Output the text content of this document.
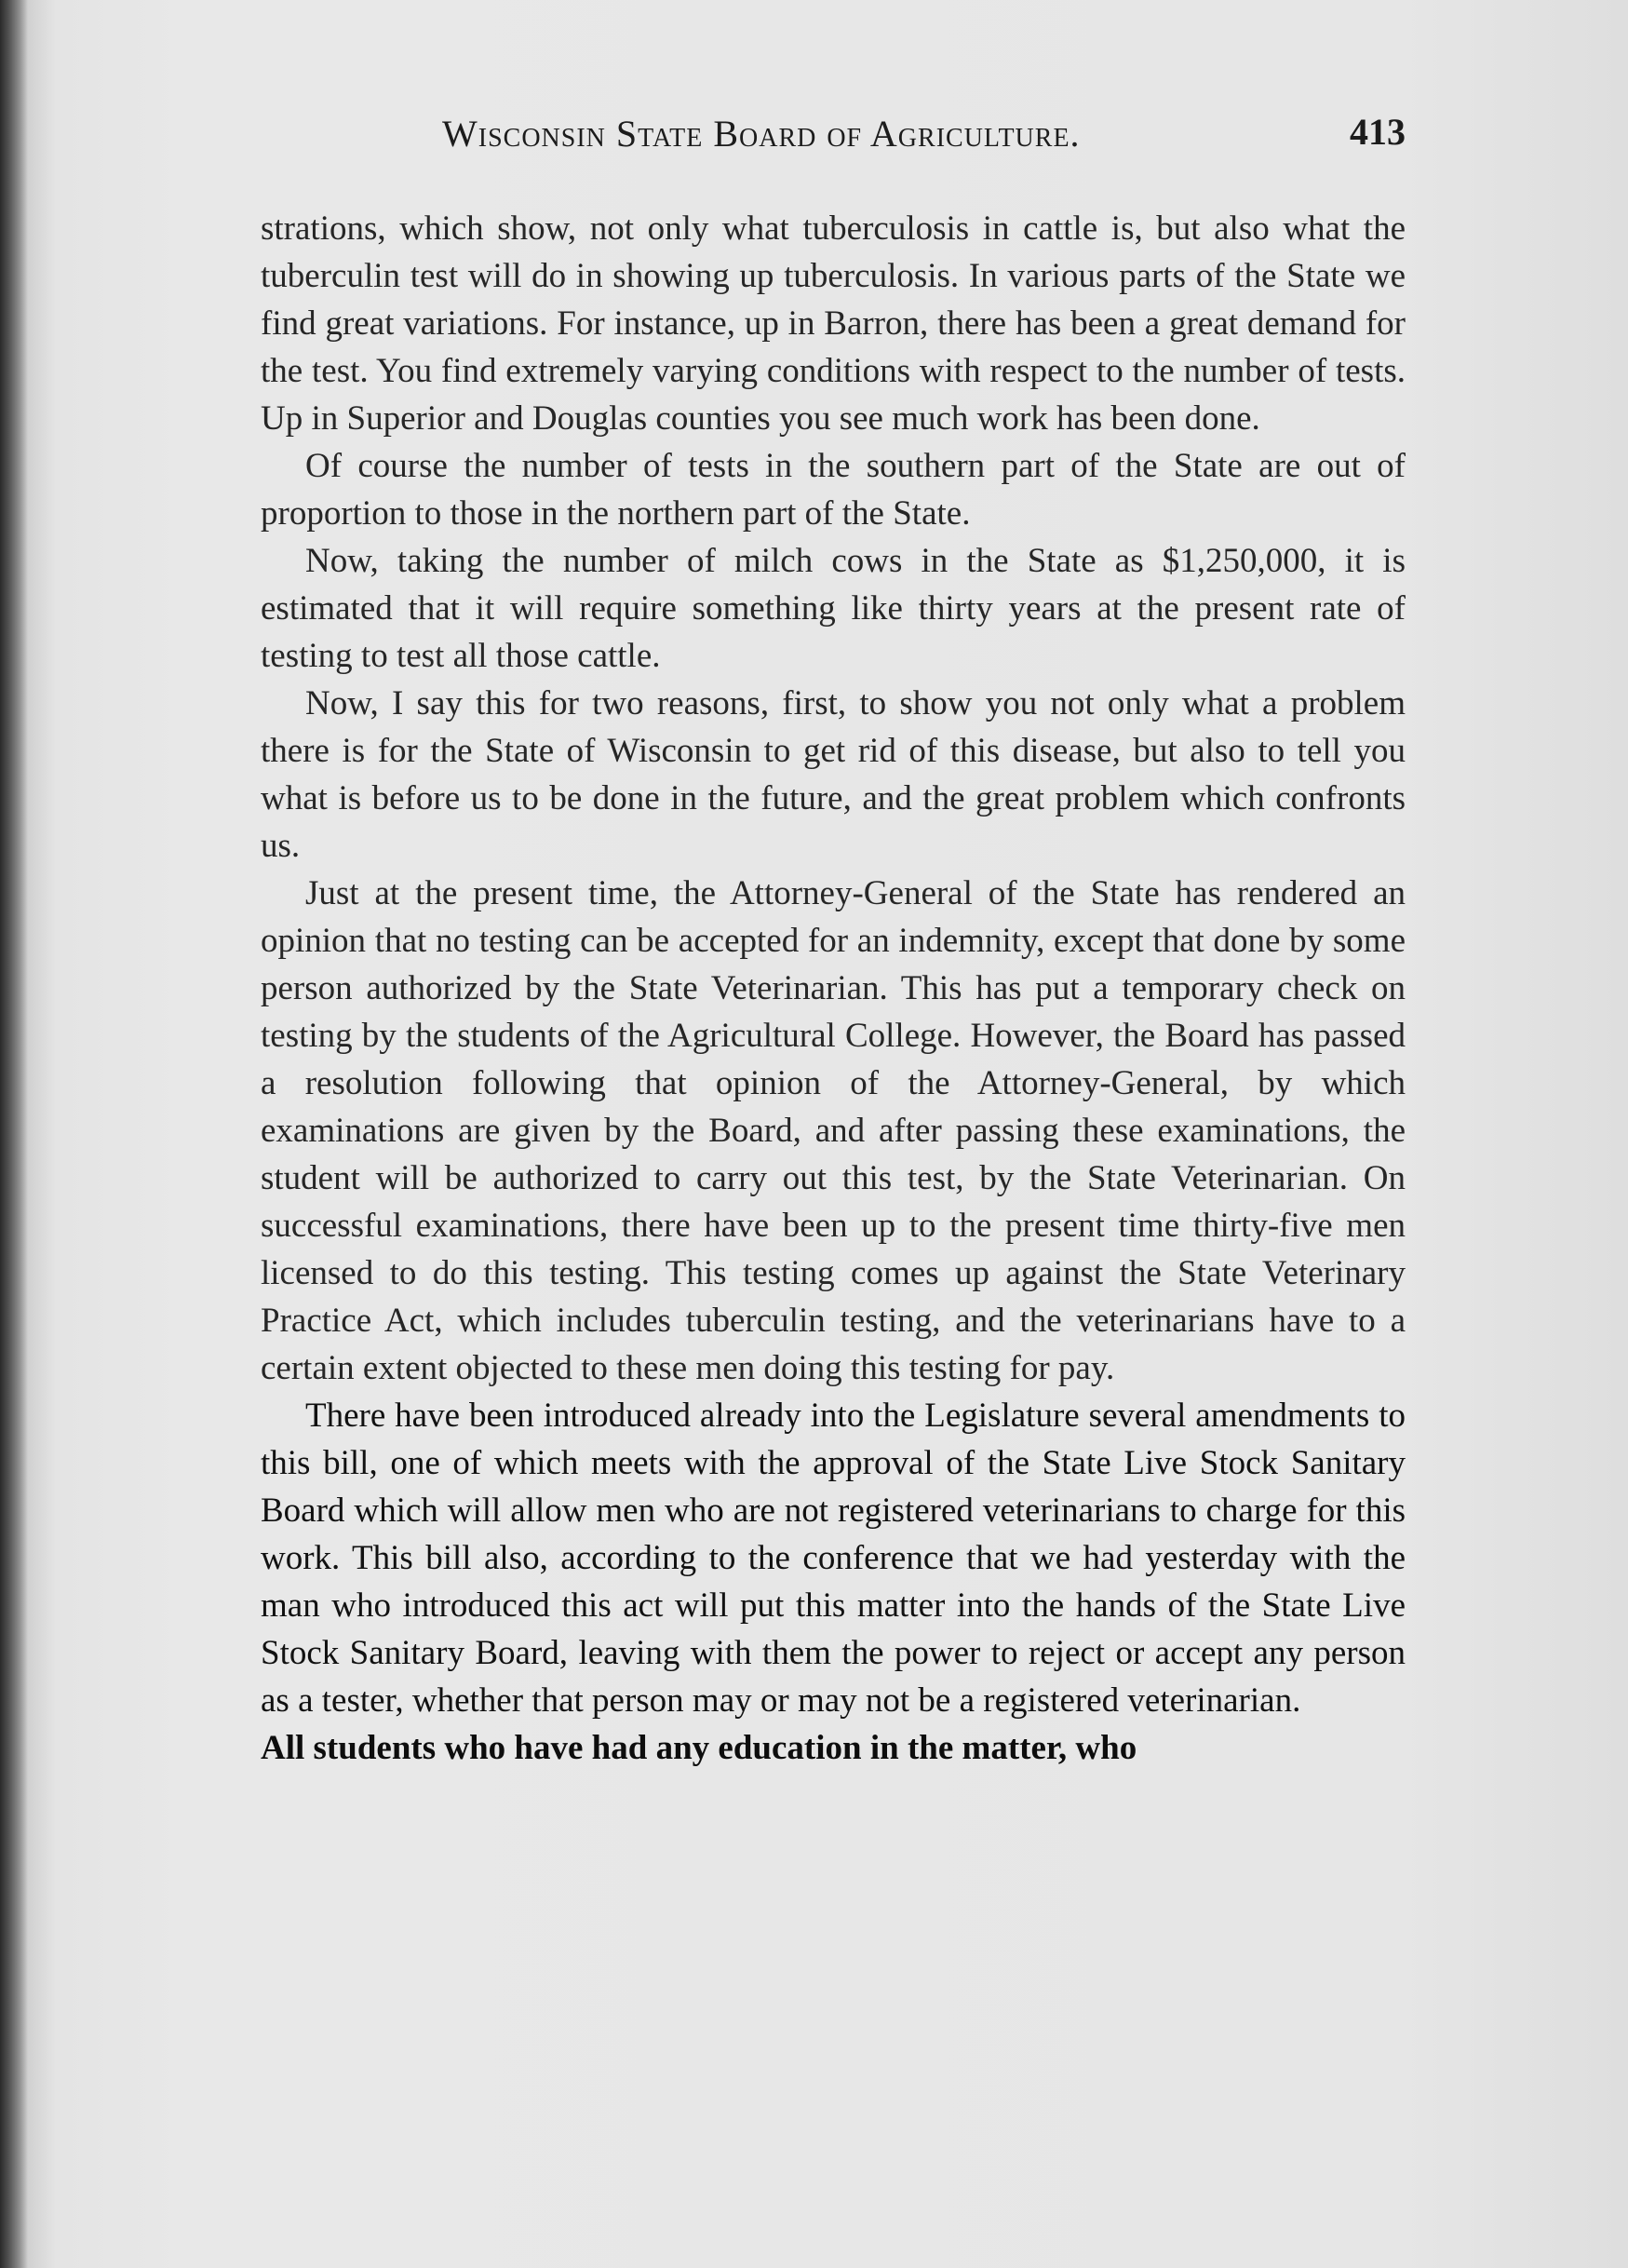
Wisconsin State Board of Agriculture.	413

strations, which show, not only what tuberculosis in cattle is, but also what the tuberculin test will do in showing up tuberculosis. In various parts of the State we find great variations. For instance, up in Barron, there has been a great demand for the test. You find extremely varying conditions with respect to the number of tests. Up in Superior and Douglas counties you see much work has been done.

Of course the number of tests in the southern part of the State are out of proportion to those in the northern part of the State.

Now, taking the number of milch cows in the State as $1,250,000, it is estimated that it will require something like thirty years at the present rate of testing to test all those cattle.

Now, I say this for two reasons, first, to show you not only what a problem there is for the State of Wisconsin to get rid of this disease, but also to tell you what is before us to be done in the future, and the great problem which confronts us.

Just at the present time, the Attorney-General of the State has rendered an opinion that no testing can be accepted for an indemnity, except that done by some person authorized by the State Veterinarian. This has put a temporary check on testing by the students of the Agricultural College. However, the Board has passed a resolution following that opinion of the Attorney-General, by which examinations are given by the Board, and after passing these examinations, the student will be authorized to carry out this test, by the State Veterinarian. On successful examinations, there have been up to the present time thirty-five men licensed to do this testing. This testing comes up against the State Veterinary Practice Act, which includes tuberculin testing, and the veterinarians have to a certain extent objected to these men doing this testing for pay.

There have been introduced already into the Legislature several amendments to this bill, one of which meets with the approval of the State Live Stock Sanitary Board which will allow men who are not registered veterinarians to charge for this work. This bill also, according to the conference that we had yesterday with the man who introduced this act will put this matter into the hands of the State Live Stock Sanitary Board, leaving with them the power to reject or accept any person as a tester, whether that person may or may not be a registered veterinarian.

All students who have had any education in the matter, who
